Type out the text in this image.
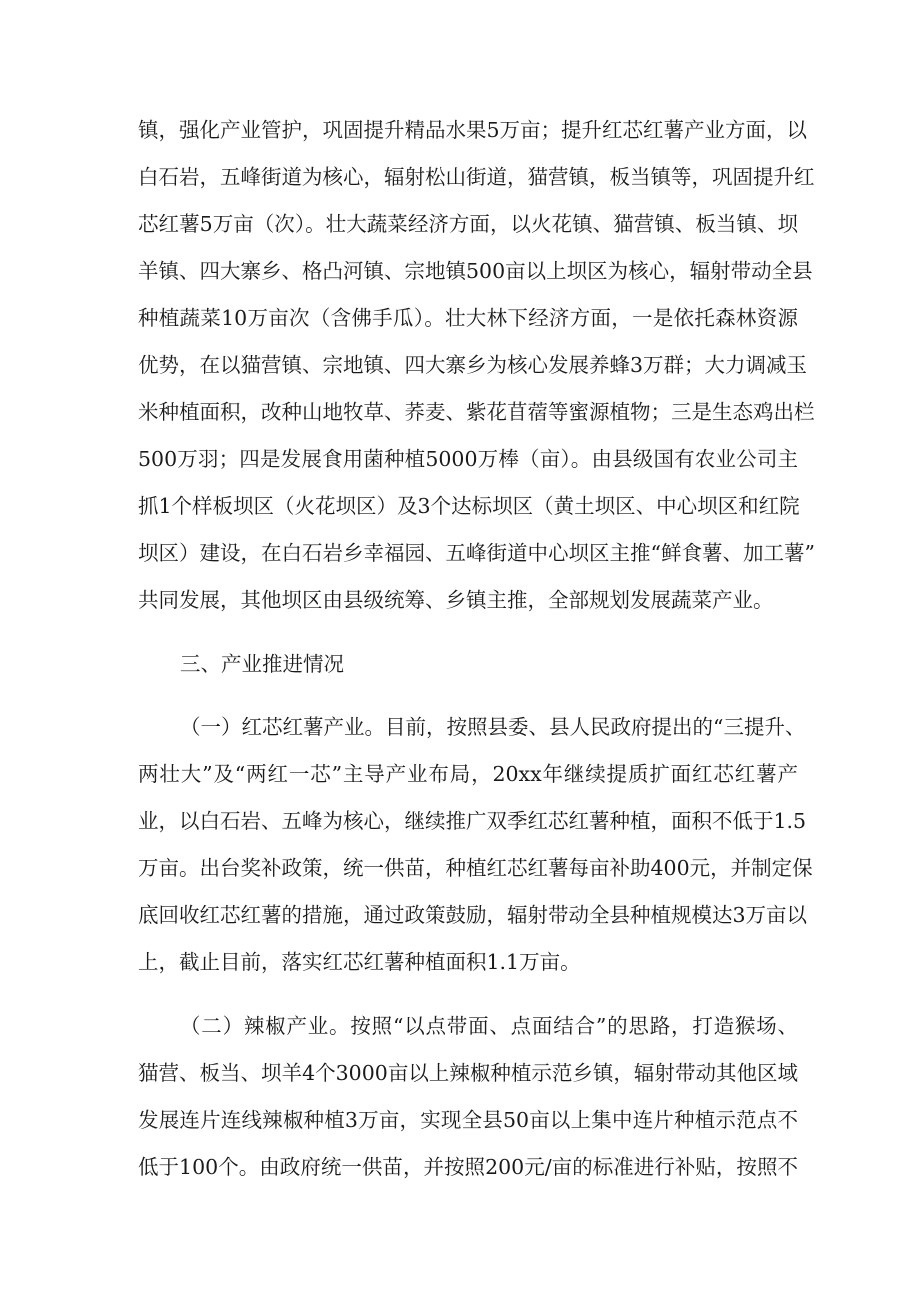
镇，强化产业管护，巩固提升精品水果5万亩；提升红芯红薯产业方面，以
白石岩，五峰街道为核心，辐射松山街道，猫营镇，板当镇等，巩固提升红
芯红薯5万亩（次）。壮大蔬菜经济方面，以火花镇、猫营镇、板当镇、坝
羊镇、四大寨乡、格凸河镇、宗地镇500亩以上坝区为核心，辐射带动全县
种植蔬菜10万亩次（含佛手瓜）。壮大林下经济方面，一是依托森林资源
优势，在以猫营镇、宗地镇、四大寨乡为核心发展养蜂3万群；大力调减玉
米种植面积，改种山地牧草、荞麦、紫花苜蓿等蜜源植物；三是生态鸡出栏
500万羽；四是发展食用菌种植5000万棒（亩）。由县级国有农业公司主
抓1个样板坝区（火花坝区）及3个达标坝区（黄土坝区、中心坝区和红院
坝区）建设，在白石岩乡幸福园、五峰街道中心坝区主推“鲜食薯、加工薯”
共同发展，其他坝区由县级统筹、乡镇主推，全部规划发展蔬菜产业。
三、产业推进情况
（一）红芯红薯产业。目前，按照县委、县人民政府提出的“三提升、
两壮大”及“两红一芯”主导产业布局，20xx年继续提质扩面红芯红薯产
业，以白石岩、五峰为核心，继续推广双季红芯红薯种植，面积不低于1.5
万亩。出台奖补政策，统一供苗，种植红芯红薯每亩补助400元，并制定保
底回收红芯红薯的措施，通过政策鼓励，辐射带动全县种植规模达3万亩以
上，截止目前，落实红芯红薯种植面积1.1万亩。
（二）辣椒产业。按照“以点带面、点面结合”的思路，打造猴场、
猫营、板当、坝羊4个3000亩以上辣椒种植示范乡镇，辐射带动其他区域
发展连片连线辣椒种植3万亩，实现全县50亩以上集中连片种植示范点不
低于100个。由政府统一供苗，并按照200元/亩的标准进行补贴，按照不
